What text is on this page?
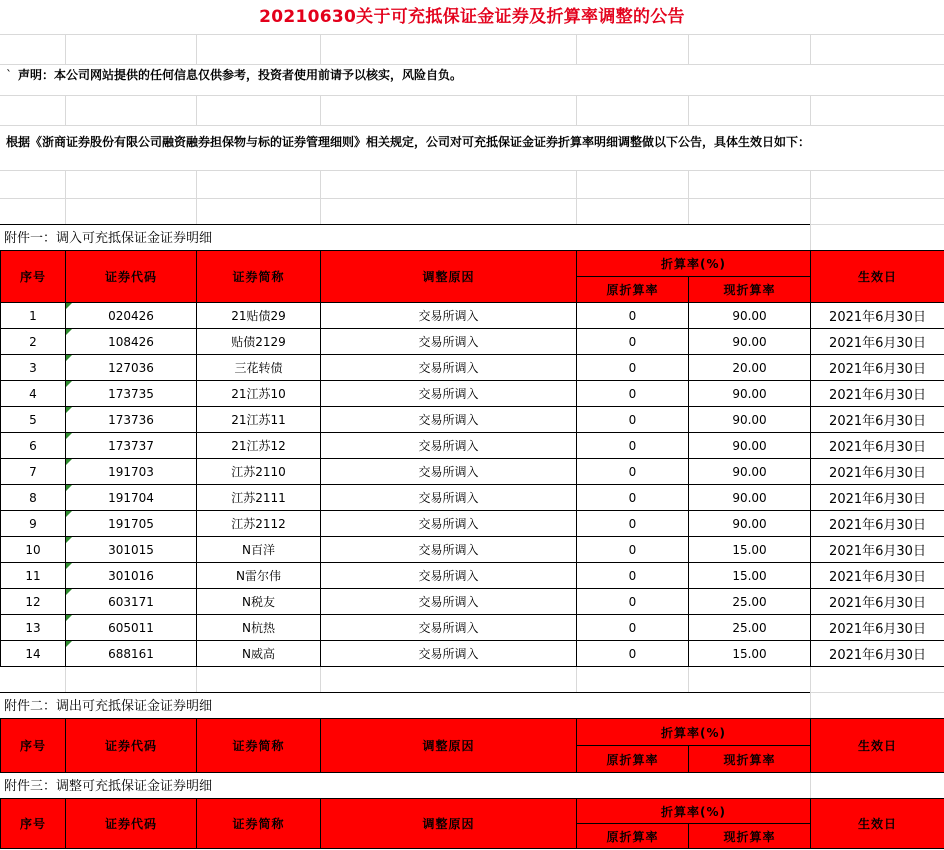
20210630关于可充抵保证金证券及折算率调整的公告
` 声明：本公司网站提供的任何信息仅供参考，投资者使用前请予以核实，风险自负。
根据《浙商证券股份有限公司融资融券担保物与标的证券管理细则》相关规定，公司对可充抵保证金证券折算率明细调整做以下公告，具体生效日如下：
附件一：调入可充抵保证金证券明细
序号	证券代码	证券简称	调整原因	折算率(%)		生效日
				原折算率	现折算率	
1	020426	21贴债29	交易所调入	0	90.00	2021年6月30日
2	108426	贴债2129	交易所调入	0	90.00	2021年6月30日
3	127036	三花转债	交易所调入	0	20.00	2021年6月30日
4	173735	21江苏10	交易所调入	0	90.00	2021年6月30日
5	173736	21江苏11	交易所调入	0	90.00	2021年6月30日
6	173737	21江苏12	交易所调入	0	90.00	2021年6月30日
7	191703	江苏2110	交易所调入	0	90.00	2021年6月30日
8	191704	江苏2111	交易所调入	0	90.00	2021年6月30日
9	191705	江苏2112	交易所调入	0	90.00	2021年6月30日
10	301015	N百洋	交易所调入	0	15.00	2021年6月30日
11	301016	N雷尔伟	交易所调入	0	15.00	2021年6月30日
12	603171	N税友	交易所调入	0	25.00	2021年6月30日
13	605011	N杭热	交易所调入	0	25.00	2021年6月30日
14	688161	N威高	交易所调入	0	15.00	2021年6月30日
附件二：调出可充抵保证金证券明细
序号	证券代码	证券简称	调整原因	折算率(%)		生效日
				原折算率	现折算率	
附件三：调整可充抵保证金证券明细
序号	证券代码	证券简称	调整原因	折算率(%)		生效日
				原折算率	现折算率	
